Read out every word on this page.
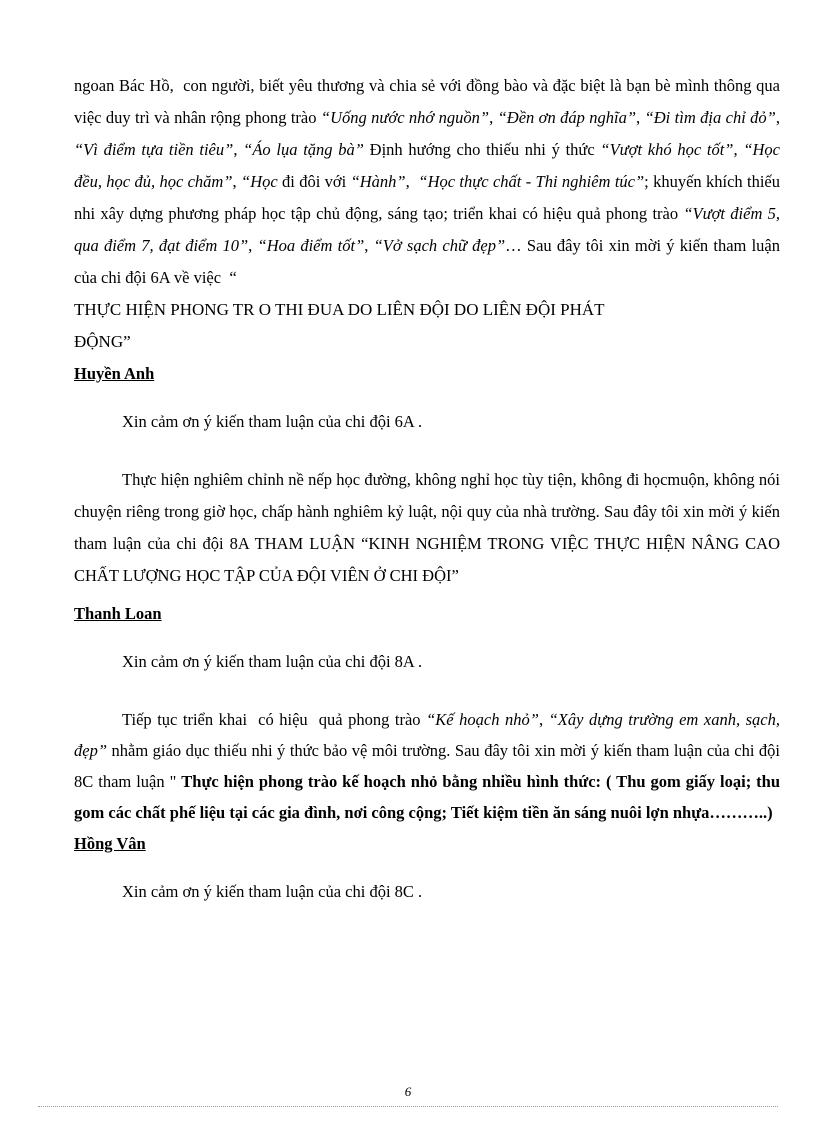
ngoan Bác Hồ,  con người, biết yêu thương và chia sẻ với đồng bào và đặc biệt là bạn bè mình thông qua việc duy trì và nhân rộng phong trào “Uống nước nhớ nguồn”, “Đền ơn đáp nghĩa”, “Đi tìm địa chỉ đỏ”, “Vì điểm tựa tiền tiêu”, “Áo lụa tặng bà” Định hướng cho thiếu nhi ý thức “Vượt khó học tốt”, “Học đều, học đủ, học chăm”, “Học đi đôi với “Hành”,  “Học thực chất - Thi nghiêm túc”; khuyến khích thiếu nhi xây dựng phương pháp học tập chủ động, sáng tạo; triển khai có hiệu quả phong trào “Vượt điểm 5, qua điểm 7, đạt điểm 10”, “Hoa điểm tốt”, “Vở sạch chữ đẹp”… Sau đây tôi xin mời ý kiến tham luận của chi đội 6A về việc  “

THỰC HIỆN PHONG TR O THI ĐUA DO LIÊN ĐỘI DO LIÊN ĐỘI PHÁT

ĐỘNG”

Huyền Anh

Xin cảm ơn ý kiến tham luận của chi đội 6A .

Thực hiện nghiêm chỉnh nề nếp học đường, không nghỉ học tùy tiện, không đi họcmuộn, không nói chuyện riêng trong giờ học, chấp hành nghiêm kỷ luật, nội quy của nhà trường. Sau đây tôi xin mời ý kiến tham luận của chi đội 8A THAM LUẬN “KINH NGHIỆM TRONG VIỆC THỰC HIỆN NÂNG CAO CHẤT LƯỢNG HỌC TẬP CỦA ĐỘI VIÊN Ở CHI ĐỘI”

Thanh Loan

Xin cảm ơn ý kiến tham luận của chi đội 8A .

Tiếp tục triển khai  có hiệu  quả phong trào “Kế hoạch nhỏ”, “Xây dựng trường em xanh, sạch, đẹp” nhằm giáo dục thiếu nhi ý thức bảo vệ môi trường. Sau đây tôi xin mời ý kiến tham luận của chi đội 8C tham luận " Thực hiện phong trào kế hoạch nhỏ bằng nhiều hình thức: ( Thu gom giấy loại; thu gom các chất phế liệu tại các gia đình, nơi công cộng; Tiết kiệm tiền ăn sáng nuôi lợn nhựa………..)

Hồng Vân

Xin cảm ơn ý kiến tham luận của chi đội 8C .

6
